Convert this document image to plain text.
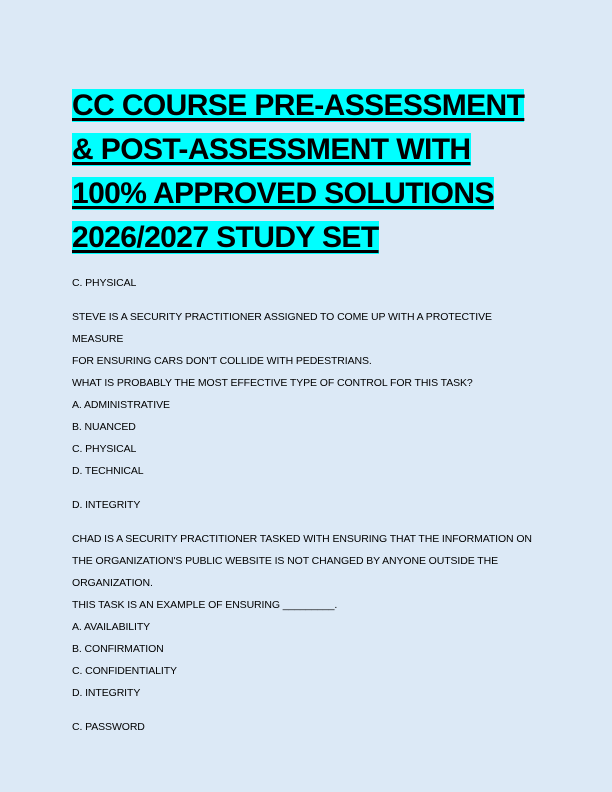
CC COURSE PRE-ASSESSMENT
& POST-ASSESSMENT WITH
100% APPROVED SOLUTIONS
2026/2027 STUDY SET

C. PHYSICAL

STEVE IS A SECURITY PRACTITIONER ASSIGNED TO COME UP WITH A PROTECTIVE MEASURE
FOR ENSURING CARS DON'T COLLIDE WITH PEDESTRIANS.
WHAT IS PROBABLY THE MOST EFFECTIVE TYPE OF CONTROL FOR THIS TASK?
A. ADMINISTRATIVE
B. NUANCED
C. PHYSICAL
D. TECHNICAL

D. INTEGRITY

CHAD IS A SECURITY PRACTITIONER TASKED WITH ENSURING THAT THE INFORMATION ON
THE ORGANIZATION'S PUBLIC WEBSITE IS NOT CHANGED BY ANYONE OUTSIDE THE
ORGANIZATION.
THIS TASK IS AN EXAMPLE OF ENSURING _________.
A. AVAILABILITY
B. CONFIRMATION
C. CONFIDENTIALITY
D. INTEGRITY

C. PASSWORD
